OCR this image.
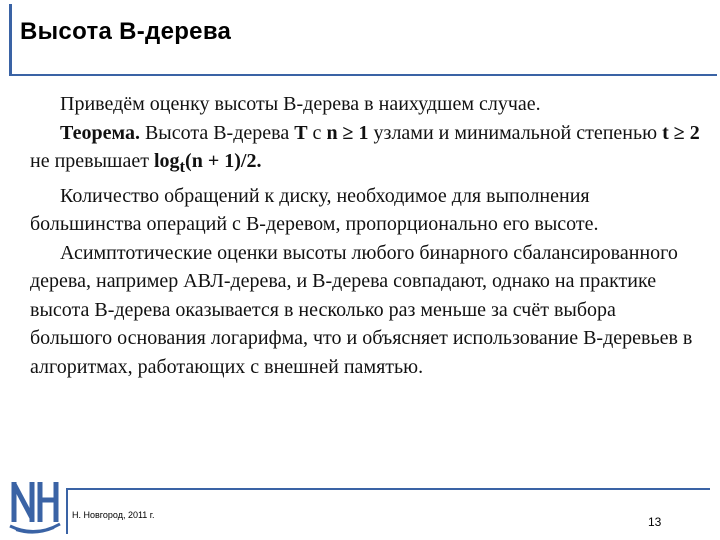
Высота B-дерева

Приведём оценку высоты B-дерева в наихудшем случае.

Теорема. Высота B-дерева T с n ≥ 1 узлами и минимальной степенью t ≥ 2 не превышает $\log_t(n + 1)/2$.

Количество обращений к диску, необходимое для выполнения большинства операций с B-деревом, пропорционально его высоте.

Асимптотические оценки высоты любого бинарного сбалансированного дерева, например АВЛ-дерева, и B-дерева совпадают, однако на практике высота B-дерева оказывается в несколько раз меньше за счёт выбора большого основания логарифма, что и объясняет использование B-деревьев в алгоритмах, работающих с внешней памятью.

Н. Новгород, 2011 г.	13
